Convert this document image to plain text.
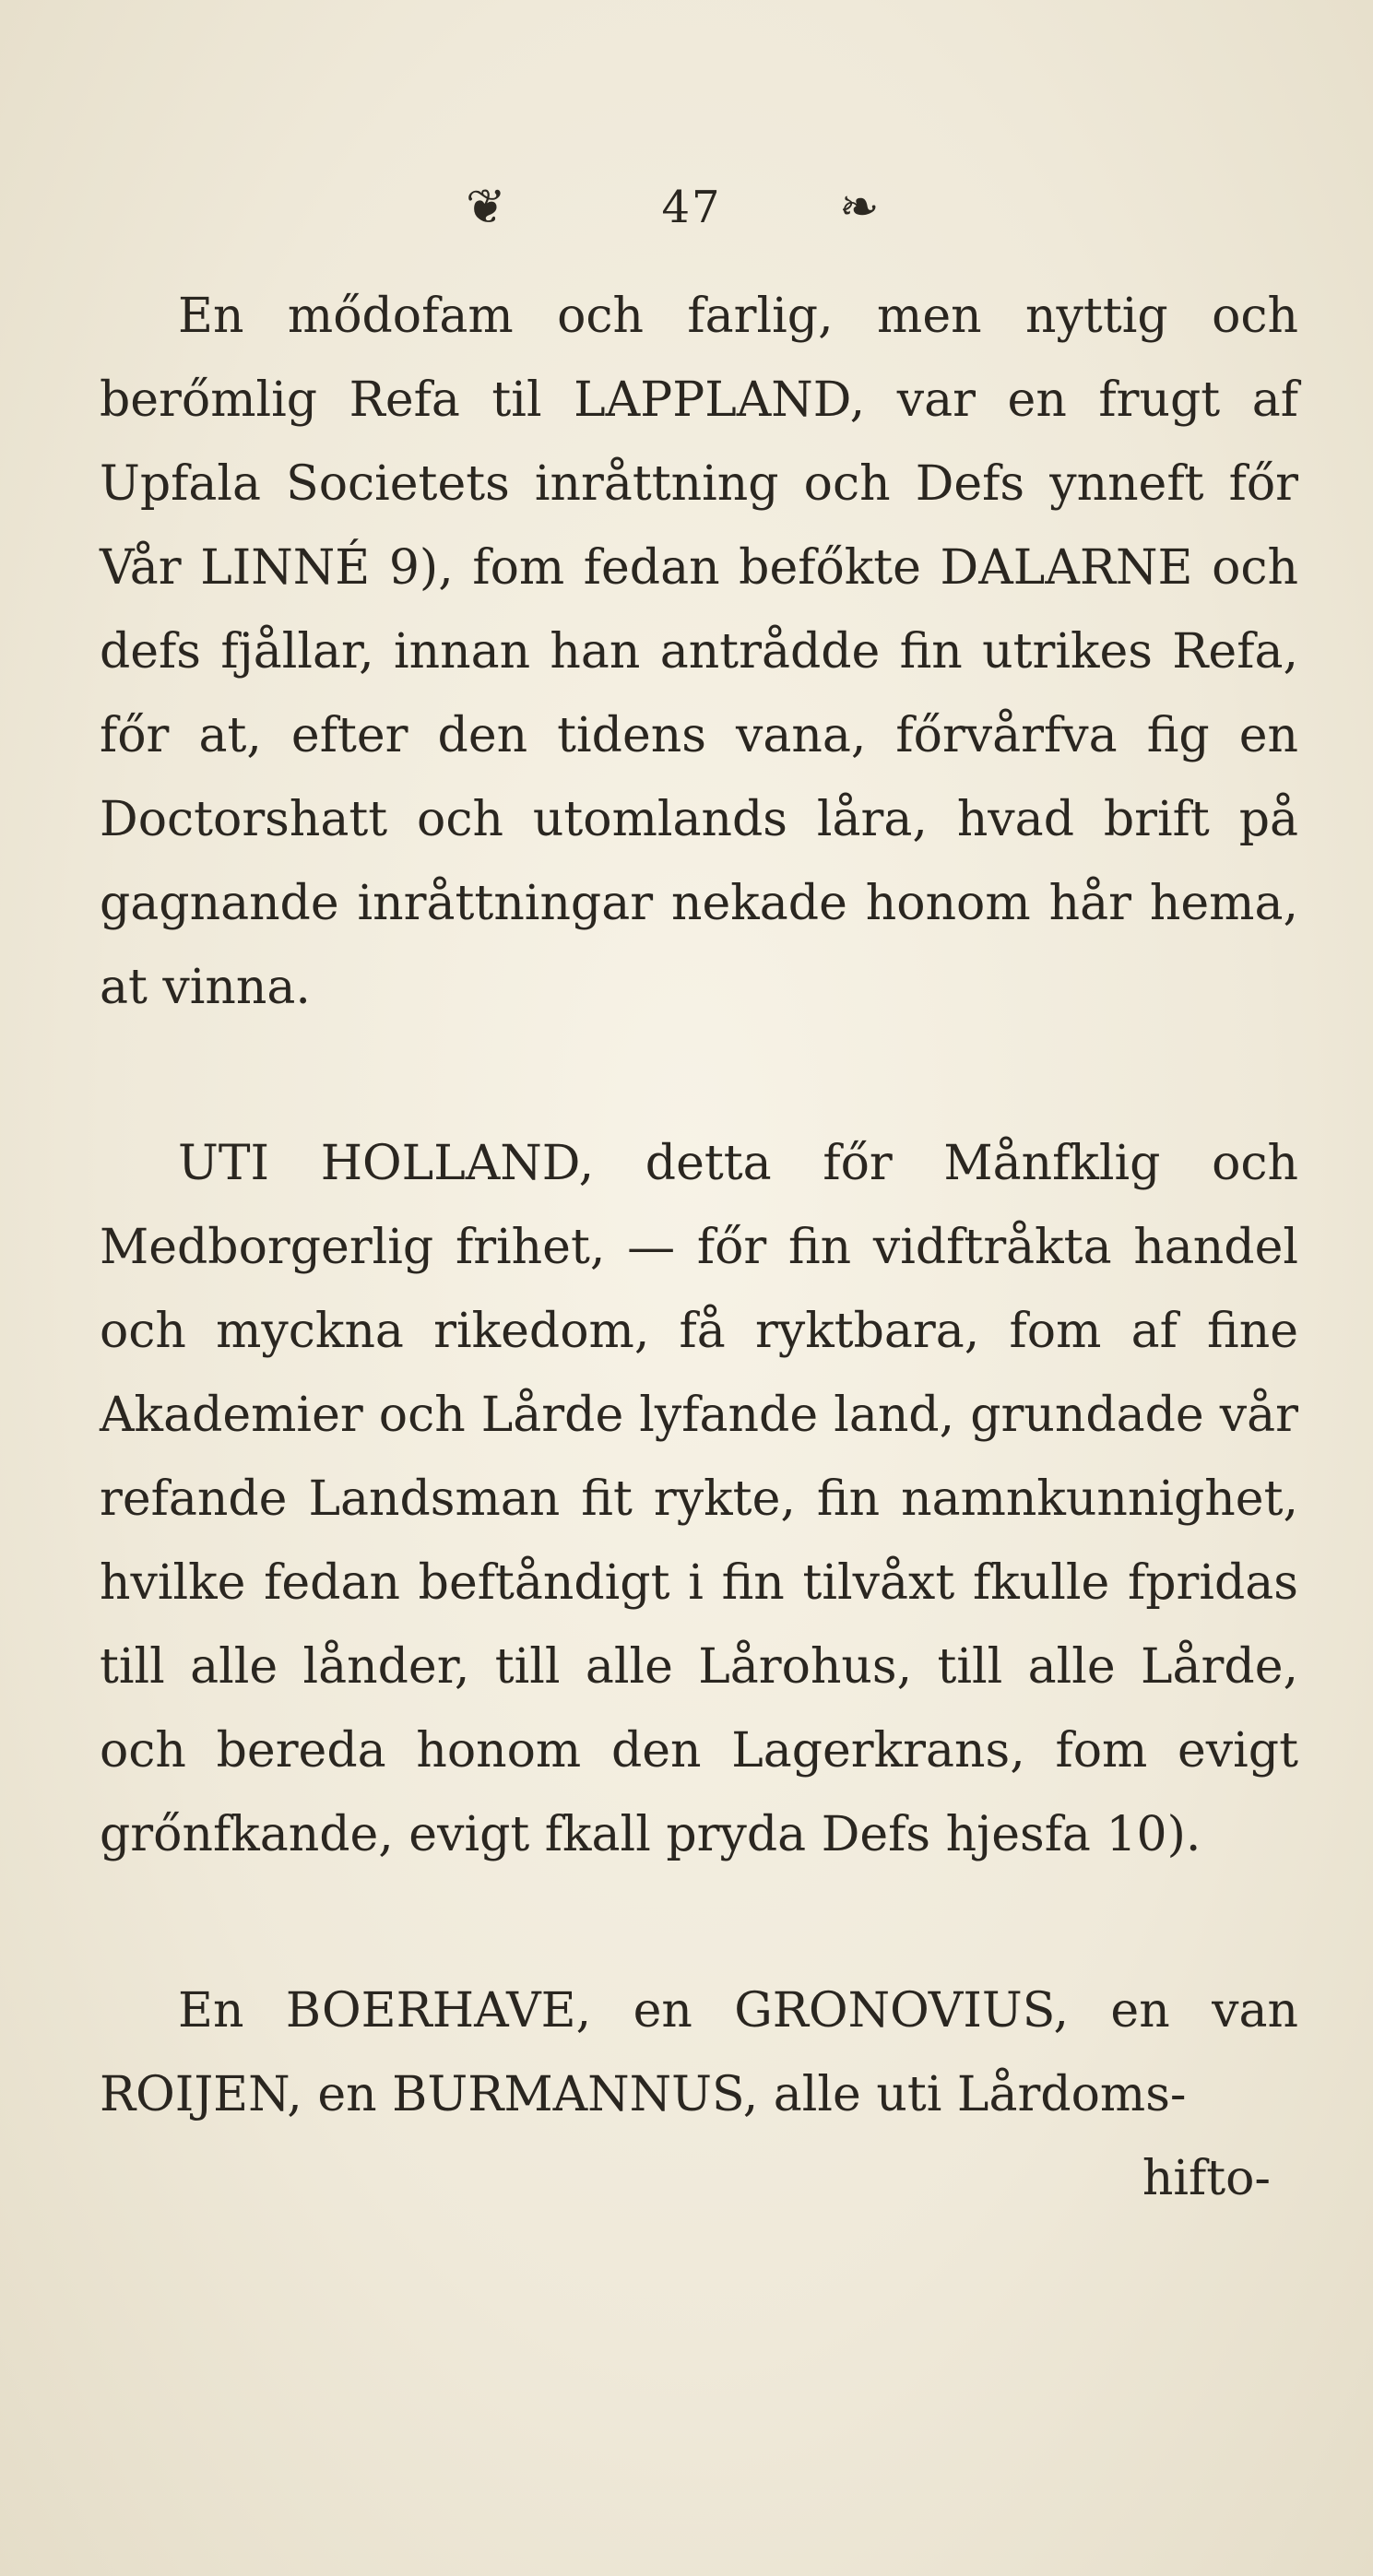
❦	47	❧

En mődofam och farlig, men nyttig och berőmlig Refa til LAPPLAND, var en frugt af Upfala Societets inråttning och Defs ynneft főr Vår LINNÉ 9), fom fedan befőkte DALARNE och defs fjållar, innan han antrådde fin utrikes Refa, főr at, efter den tidens vana, főrvårfva fig en Doctorshatt och utomlands låra, hvad brift på gagnande inråttningar nekade honom hår hema, at vinna.

UTI HOLLAND, detta főr Månfklig och Medborgerlig frihet, — főr fin vidftråkta handel och myckna rikedom, få ryktbara, fom af fine Akademier och Lårde lyfande land, grundade vår refande Landsman fit rykte, fin namnkunnighet, hvilke fedan beftåndigt i fin tilvåxt fkulle fpridas till alle lånder, till alle Lårohus, till alle Lårde, och bereda honom den Lagerkrans, fom evigt grőnfkande, evigt fkall pryda Defs hjesfa 10).

En BOERHAVE, en GRONOVIUS, en van ROIJEN, en BURMANNUS, alle uti Lårdoms-

hifto-
